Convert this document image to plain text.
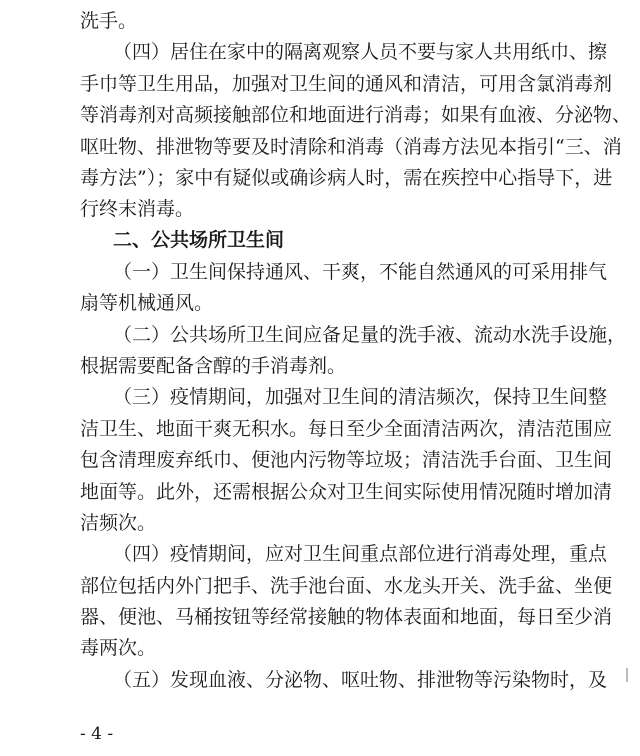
洗手。
（四）居住在家中的隔离观察人员不要与家人共用纸巾、擦
手巾等卫生用品，加强对卫生间的通风和清洁，可用含氯消毒剂
等消毒剂对高频接触部位和地面进行消毒；如果有血液、分泌物、
呕吐物、排泄物等要及时清除和消毒（消毒方法见本指引“三、消
毒方法”）；家中有疑似或确诊病人时，需在疾控中心指导下，进
行终末消毒。
二、公共场所卫生间
（一）卫生间保持通风、干爽，不能自然通风的可采用排气
扇等机械通风。
（二）公共场所卫生间应备足量的洗手液、流动水洗手设施，
根据需要配备含醇的手消毒剂。
（三）疫情期间，加强对卫生间的清洁频次，保持卫生间整
洁卫生、地面干爽无积水。每日至少全面清洁两次，清洁范围应
包含清理废弃纸巾、便池内污物等垃圾；清洁洗手台面、卫生间
地面等。此外，还需根据公众对卫生间实际使用情况随时增加清
洁频次。
（四）疫情期间，应对卫生间重点部位进行消毒处理，重点
部位包括内外门把手、洗手池台面、水龙头开关、洗手盆、坐便
器、便池、马桶按钮等经常接触的物体表面和地面，每日至少消
毒两次。
（五）发现血液、分泌物、呕吐物、排泄物等污染物时，及
- 4 -
